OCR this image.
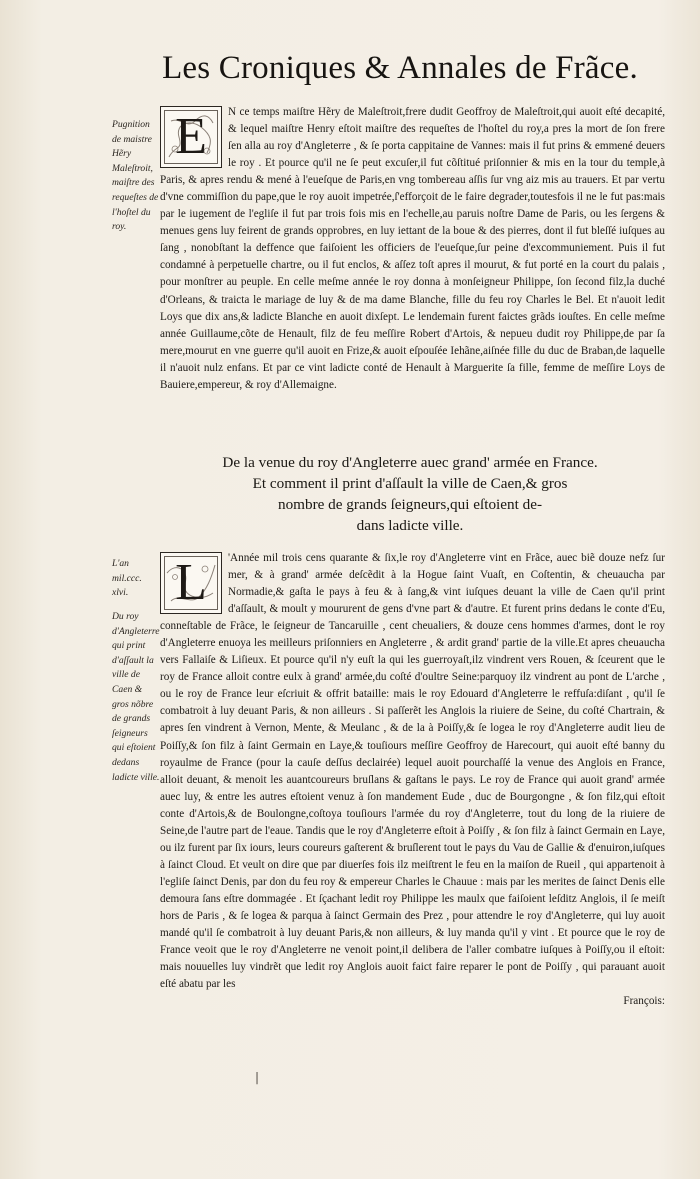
Les Croniques & Annales de Frãce.
Pugnition de maistre Hẽry Maleſtroit, maiſtre des requeſtes de l'hoſtel du roy.
E	N ce temps maiſtre Hẽry de Maleſtroit,frere dudit Geoffroy de Maleſtroit,qui auoit eſté decapité, & lequel maiſtre Henry eſtoit maiſtre des requeſtes de l'hoſtel du roy,a pres la mort de ſon frere ſen alla au roy d'Angleterre , & ſe porta cappitaine de Vannes: mais il fut prins & emmené deuers le roy . Et pource qu'il ne ſe peut excuſer,il fut cõſtitué priſonnier & mis en la tour du temple,à Paris, & apres rendu & mené à l'eueſque de Paris,en vng tombereau aſſis ſur vng aiz mis au trauers. Et par vertu d'vne commiſſion du pape,que le roy auoit impetrée,ſ'efforçoit de le faire degrader,toutesfois il ne le fut pas:mais par le iugement de l'egliſe il fut par trois fois mis en l'echelle,au paruis noſtre Dame de Paris, ou les ſergens & menues gens luy feirent de grands opprobres, en luy iettant de la boue & des pierres, dont il fut bleſſé iuſques au ſang , nonobſtant la deffence que faiſoient les officiers de l'eueſque,ſur peine d'excommuniement. Puis il fut condamné à perpetuelle chartre, ou il fut enclos, & aſſez toſt apres il mourut, & fut porté en la court du palais , pour monſtrer au peuple. En celle meſme année le roy donna à monſeigneur Philippe, ſon ſecond filz,la duché d'Orleans, & traicta le mariage de luy & de ma dame Blanche, fille du feu roy Charles le Bel. Et n'auoit ledit Loys que dix ans,& ladicte Blanche en auoit dixſept. Le lendemain furent faictes grãds iouſtes. En celle meſme année Guillaume,cõte de Henault, filz de feu meſſire Robert d'Artois, & nepueu dudit roy Philippe,de par ſa mere,mourut en vne guerre qu'il auoit en Frize,& auoit eſpouſée Iehãne,aiſnée fille du duc de Braban,de laquelle il n'auoit nulz enfans. Et par ce vint ladicte conté de Henault à Marguerite ſa fille, femme de meſſire Loys de Bauiere,empereur, & roy d'Allemaigne.

De la venue du roy d'Angleterre auec grand' armée en France.
Et comment il print d'aſſault la ville de Caen,& gros
nombre de grands ſeigneurs,qui eſtoient de-
dans ladicte ville.
L'an mil.ccc. xlvi.
Du roy d'Angleterre qui print d'aſſault la ville de Caen & gros nõbre de grands ſeigneurs qui eſtoient dedans ladicte ville.
L	'Année mil trois cens quarante & ſix,le roy d'Angleterre vint en Frãce, auec biẽ douze nefz ſur mer, & à grand' armée deſcẽdit à la Hogue ſaint Vuaſt, en Coſtentin, & cheuaucha par Normadie,& gaſta le pays à feu & à ſang,& vint iuſques deuant la ville de Caen qu'il print d'aſſault, & moult y moururent de gens d'vne part & d'autre. Et furent prins dedans le conte d'Eu, conneſtable de Frãce, le ſeigneur de Tancaruille , cent cheualiers, & douze cens hommes d'armes, dont le roy d'Angleterre enuoya les meilleurs priſonniers en Angleterre , & ardit grand' partie de la ville.Et apres cheuaucha vers Fallaiſe & Liſieux. Et pource qu'il n'y euſt la qui les guerroyaſt,ilz vindrent vers Rouen, & ſceurent que le roy de France alloit contre eulx à grand' armée,du coſté d'oultre Seine:parquoy ilz vindrent au pont de L'arche , ou le roy de France leur eſcriuit & offrit bataille: mais le roy Edouard d'Angleterre le reffuſa:diſant , qu'il ſe combatroit à luy deuant Paris, & non ailleurs . Si paſſerẽt les Anglois la riuiere de Seine, du coſté Chartrain, & apres ſen vindrent à Vernon, Mente, & Meulanc , & de la à Poiſſy,& ſe logea le roy d'Angleterre audit lieu de Poiſſy,& ſon filz à ſaint Germain en Laye,& touſiours meſſire Geoffroy de Harecourt, qui auoit eſté banny du royaulme de France (pour la cauſe deſſus declairée) lequel auoit pourchaſſé la venue des Anglois en France, alloit deuant, & menoit les auantcoureurs bruſlans & gaſtans le pays. Le roy de France qui auoit grand' armée auec luy, & entre les autres eſtoient venuz à ſon mandement Eude , duc de Bourgongne , & ſon filz,qui eſtoit conte d'Artois,& de Boulongne,coſtoya touſiours l'armée du roy d'Angleterre, tout du long de la riuiere de Seine,de l'autre part de l'eaue. Tandis que le roy d'Angleterre eſtoit à Poiſſy , & ſon filz à ſainct Germain en Laye, ou ilz furent par ſix iours, leurs coureurs gaſterent & bruſlerent tout le pays du Vau de Gallie & d'enuiron,iuſques à ſainct Cloud. Et veult on dire que par diuerſes fois ilz meiſtrent le feu en la maiſon de Rueil , qui appartenoit à l'egliſe ſainct Denis, par don du feu roy & empereur Charles le Chauue : mais par les merites de ſainct Denis elle demoura ſans eſtre dommagée . Et ſçachant ledit roy Philippe les maulx que faiſoient leſditz Anglois, il ſe meiſt hors de Paris , & ſe logea & parqua à ſainct Germain des Prez , pour attendre le roy d'Angleterre, qui luy auoit mandé qu'il ſe combatroit à luy deuant Paris,& non ailleurs, & luy manda qu'il y vint . Et pource que le roy de France veoit que le roy d'Angleterre ne venoit point,il delibera de l'aller combatre iuſques à Poiſſy,ou il eſtoit: mais nouuelles luy vindrẽt que ledit roy Anglois auoit faict faire reparer le pont de Poiſſy , qui parauant auoit eſté abatu par les

François:

|
